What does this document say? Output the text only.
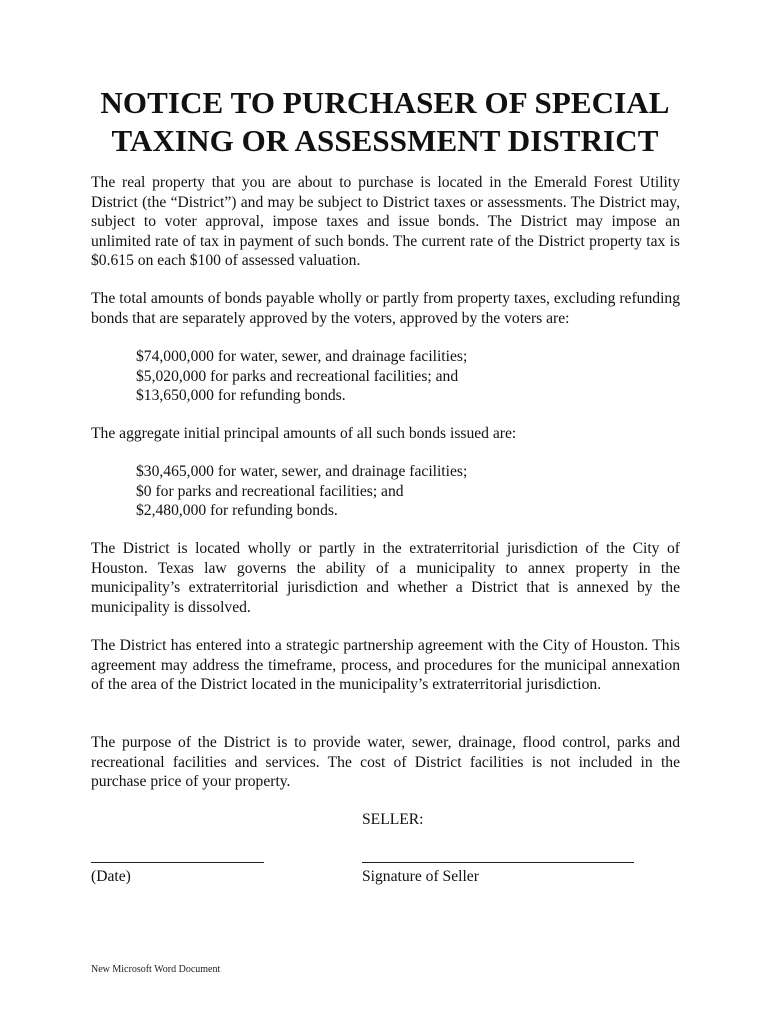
NOTICE TO PURCHASER OF SPECIAL
TAXING OR ASSESSMENT DISTRICT

The real property that you are about to purchase is located in the Emerald Forest Utility District (the “District”) and may be subject to District taxes or assessments. The District may, subject to voter approval, impose taxes and issue bonds. The District may impose an unlimited rate of tax in payment of such bonds. The current rate of the District property tax is $0.615 on each $100 of assessed valuation.

The total amounts of bonds payable wholly or partly from property taxes, excluding refunding bonds that are separately approved by the voters, approved by the voters are:

$74,000,000 for water, sewer, and drainage facilities;
$5,020,000 for parks and recreational facilities; and
$13,650,000 for refunding bonds.

The aggregate initial principal amounts of all such bonds issued are:

$30,465,000 for water, sewer, and drainage facilities;
$0 for parks and recreational facilities; and
$2,480,000 for refunding bonds.

The District is located wholly or partly in the extraterritorial jurisdiction of the City of Houston. Texas law governs the ability of a municipality to annex property in the municipality’s extraterritorial jurisdiction and whether a District that is annexed by the municipality is dissolved.

The District has entered into a strategic partnership agreement with the City of Houston. This agreement may address the timeframe, process, and procedures for the municipal annexation of the area of the District located in the municipality’s extraterritorial jurisdiction.

The purpose of the District is to provide water, sewer, drainage, flood control, parks and recreational facilities and services. The cost of District facilities is not included in the purchase price of your property.

SELLER:
(Date)	Signature of Seller
New Microsoft Word Document
